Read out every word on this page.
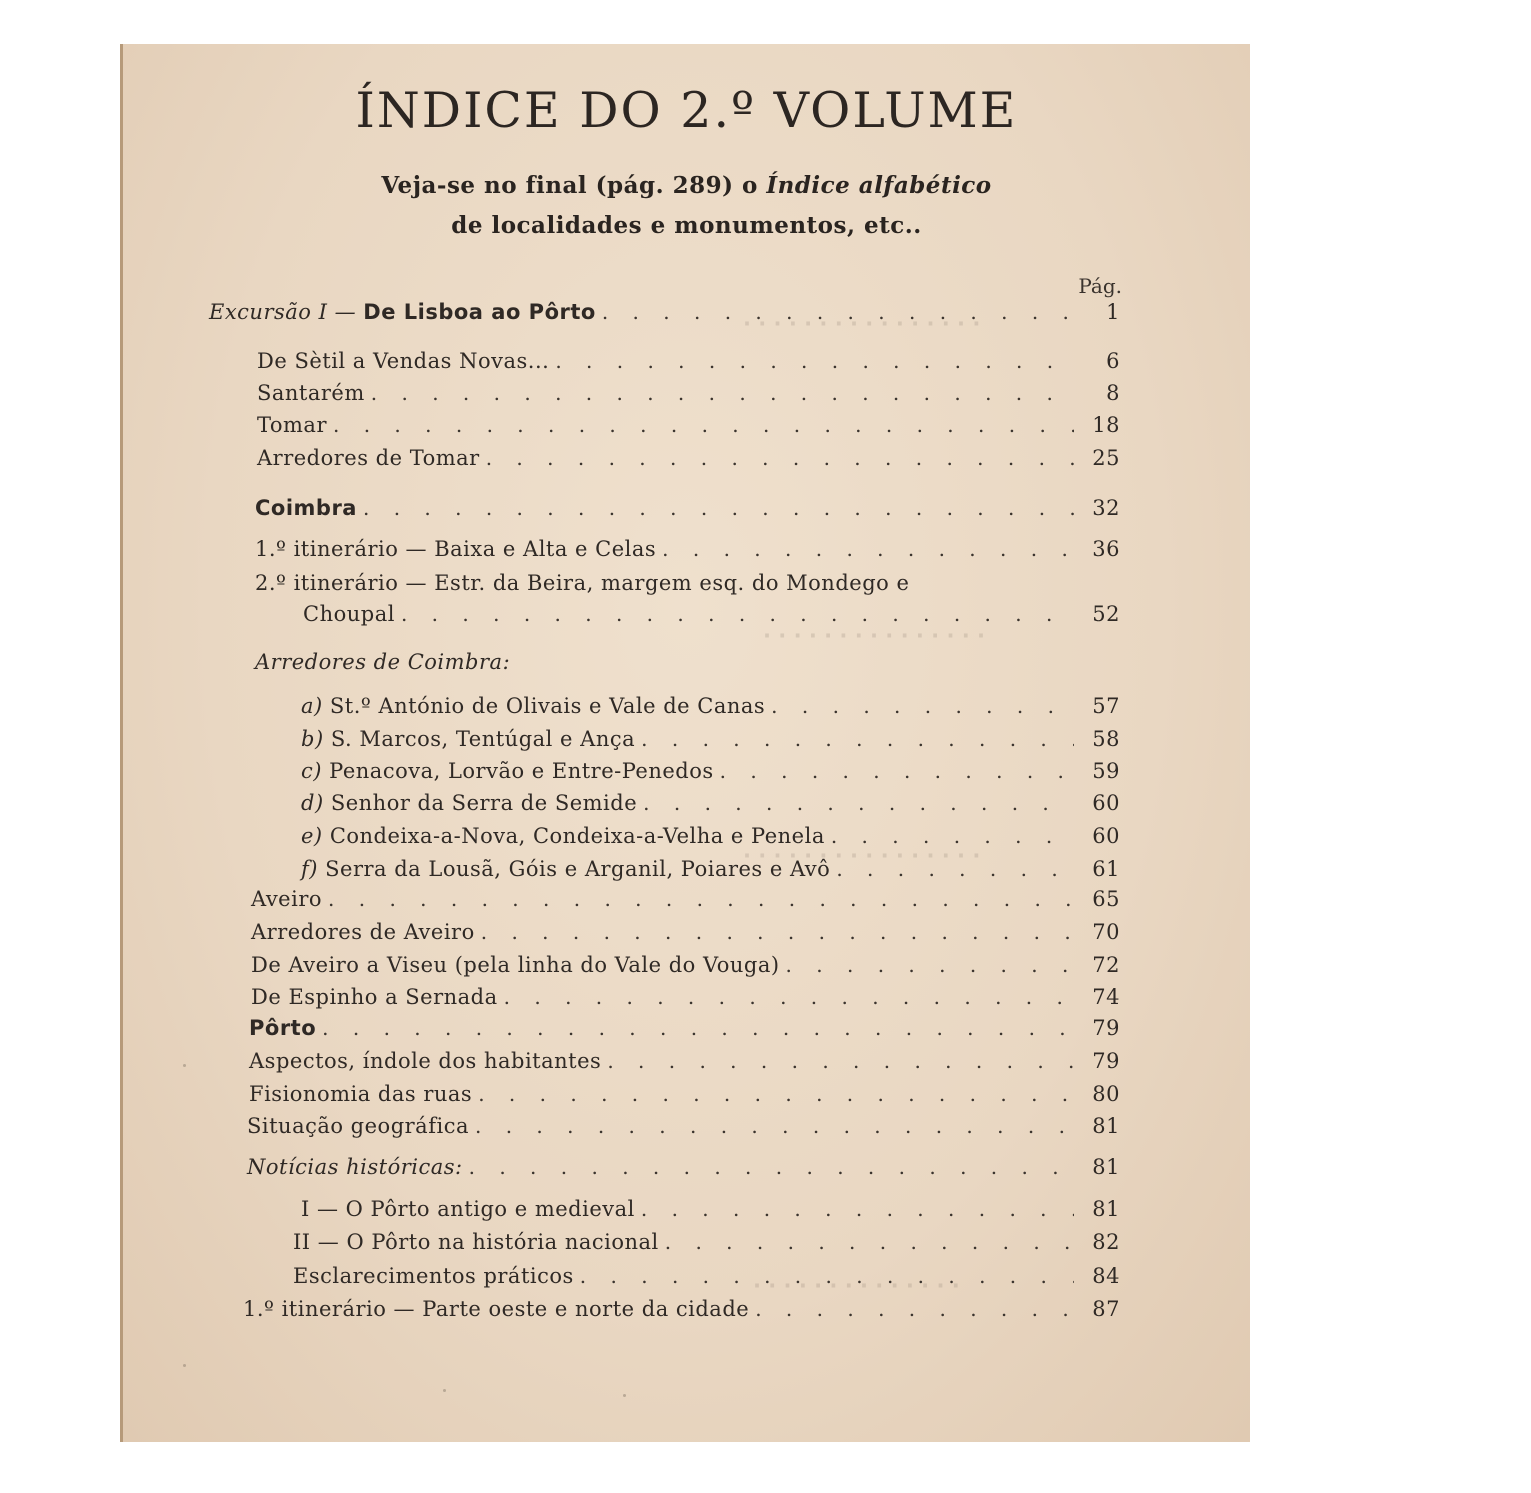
· · · · · · · · · · · · · · · ·
· · · · · · · · · · · · · · ·
· · · · · · · · · · · · · · · ·
· · · · · · · · · · · · · ·
ÍNDICE DO 2.º VOLUME
Veja-se no final (pág. 289) o Índice alfabético
de localidades e monumentos, etc..
Pág.
Excursão I — De Lisboa ao Pôrto . . .	1
De Sètil a Vendas Novas... . . .	6
Santarém . . .	8
Tomar . . .	18
Arredores de Tomar . . .	25
Coimbra . . .	32
1.º itinerário — Baixa e Alta e Celas . . .	36
2.º itinerário — Estr. da Beira, margem esq. do Mondego e
Choupal . . .	52
Arredores de Coimbra:
a) St.º António de Olivais e Vale de Canas . . .	57
b) S. Marcos, Tentúgal e Ança . . .	58
c) Penacova, Lorvão e Entre-Penedos . . .	59
d) Senhor da Serra de Semide . . .	60
e) Condeixa-a-Nova, Condeixa-a-Velha e Penela . . .	60
f) Serra da Lousã, Góis e Arganil, Poiares e Avô . . .	61
Aveiro . . .	65
Arredores de Aveiro . . .	70
De Aveiro a Viseu (pela linha do Vale do Vouga) . . .	72
De Espinho a Sernada . . .	74
Pôrto . . .	79
Aspectos, índole dos habitantes . . .	79
Fisionomia das ruas . . .	80
Situação geográfica . . .	81
Notícias históricas: . . .	81
I — O Pôrto antigo e medieval . . .	81
II — O Pôrto na história nacional . . .	82
Esclarecimentos práticos . . .	84
1.º itinerário — Parte oeste e norte da cidade . . .	87
